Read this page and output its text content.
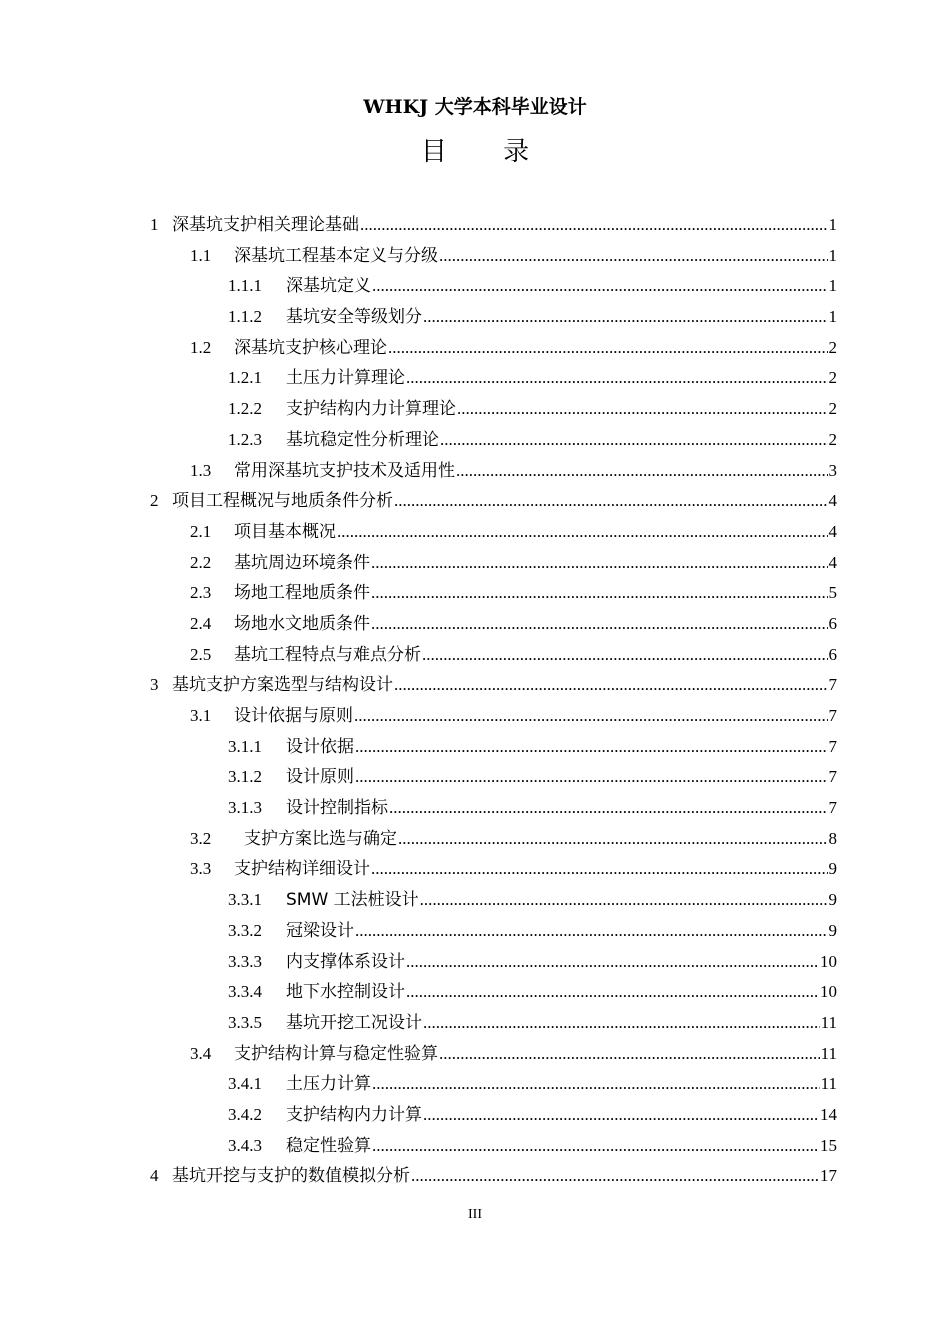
WHKJ 大学本科毕业设计
目 录
1 深基坑支护相关理论基础 .....	1
1.1	深基坑工程基本定义与分级 .....	1
1.1.1	深基坑定义 .....	1
1.1.2	基坑安全等级划分 .....	1
1.2	深基坑支护核心理论 .....	2
1.2.1	土压力计算理论 .....	2
1.2.2	支护结构内力计算理论 .....	2
1.2.3	基坑稳定性分析理论 .....	2
1.3	常用深基坑支护技术及适用性 .....	3
2 项目工程概况与地质条件分析 .....	4
2.1	项目基本概况 .....	4
2.2	基坑周边环境条件 .....	4
2.3	场地工程地质条件 .....	5
2.4	场地水文地质条件 .....	6
2.5	基坑工程特点与难点分析 .....	6
3 基坑支护方案选型与结构设计 .....	7
3.1	设计依据与原则 .....	7
3.1.1	设计依据 .....	7
3.1.2	设计原则 .....	7
3.1.3	设计控制指标 .....	7
3.2	支护方案比选与确定 .....	8
3.3	支护结构详细设计 .....	9
3.3.1	SMW 工法桩设计 .....	9
3.3.2	冠梁设计 .....	9
3.3.3	内支撑体系设计 .....	10
3.3.4	地下水控制设计 .....	10
3.3.5	基坑开挖工况设计 .....	11
3.4	支护结构计算与稳定性验算 .....	11
3.4.1	土压力计算 .....	11
3.4.2	支护结构内力计算 .....	14
3.4.3	稳定性验算 .....	15
4 基坑开挖与支护的数值模拟分析 .....	17
III
